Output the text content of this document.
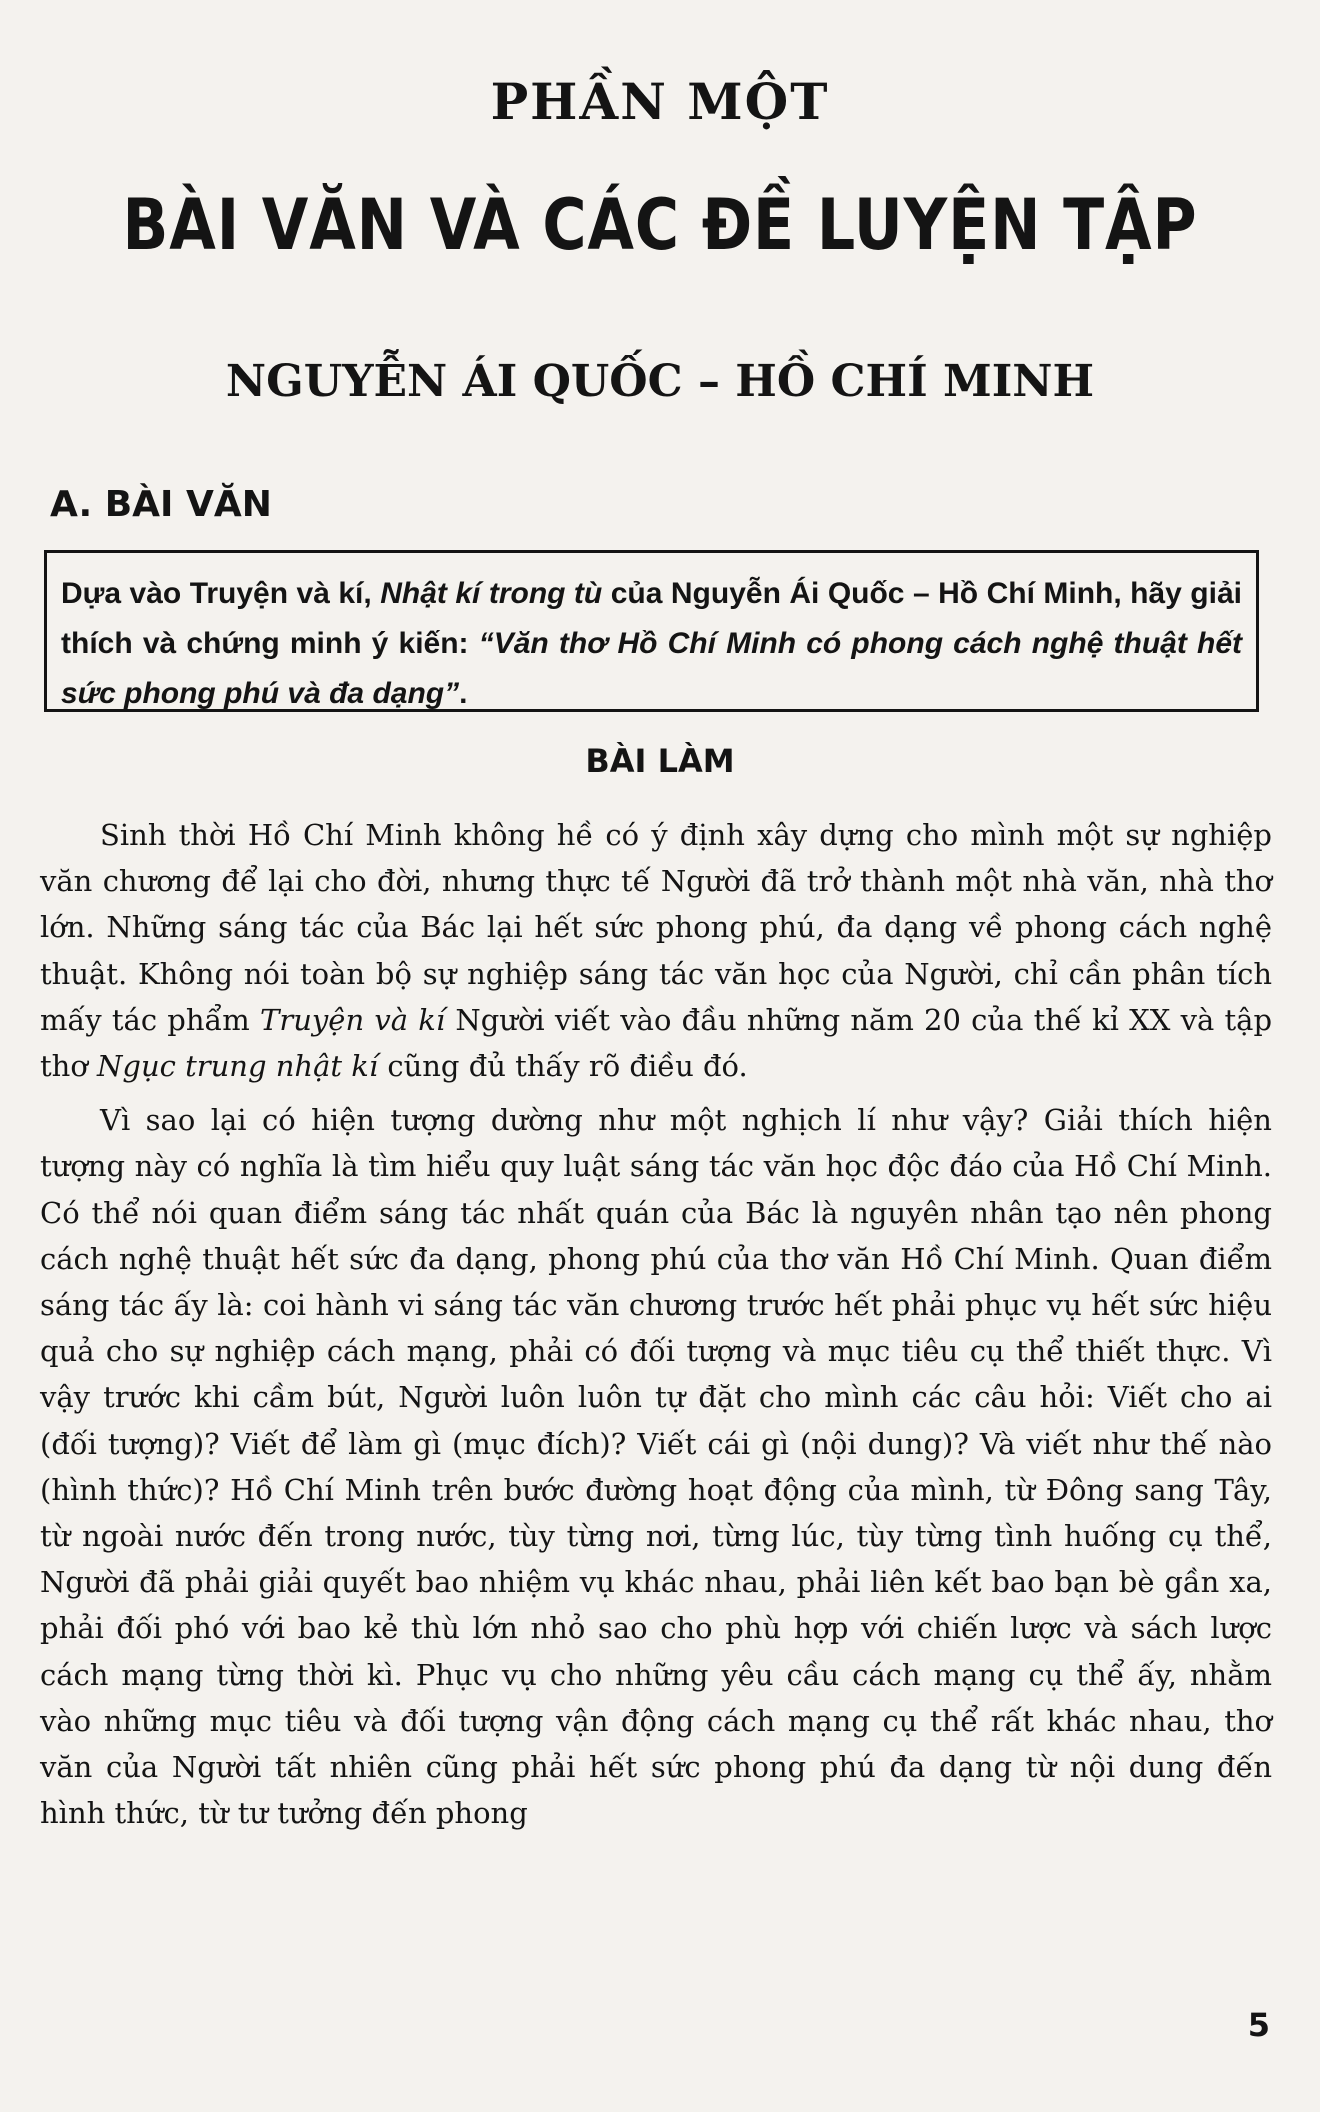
PHẦN MỘT
BÀI VĂN VÀ CÁC ĐỀ LUYỆN TẬP
NGUYỄN ÁI QUỐC – HỒ CHÍ MINH
A. BÀI VĂN
Dựa vào Truyện và kí, Nhật kí trong tù của Nguyễn Ái Quốc – Hồ Chí Minh, hãy giải thích và chứng minh ý kiến: “Văn thơ Hồ Chí Minh có phong cách nghệ thuật hết sức phong phú và đa dạng”.
BÀI LÀM

Sinh thời Hồ Chí Minh không hề có ý định xây dựng cho mình một sự nghiệp văn chương để lại cho đời, nhưng thực tế Người đã trở thành một nhà văn, nhà thơ lớn. Những sáng tác của Bác lại hết sức phong phú, đa dạng về phong cách nghệ thuật. Không nói toàn bộ sự nghiệp sáng tác văn học của Người, chỉ cần phân tích mấy tác phẩm Truyện và kí Người viết vào đầu những năm 20 của thế kỉ XX và tập thơ Ngục trung nhật kí cũng đủ thấy rõ điều đó.

Vì sao lại có hiện tượng dường như một nghịch lí như vậy? Giải thích hiện tượng này có nghĩa là tìm hiểu quy luật sáng tác văn học độc đáo của Hồ Chí Minh. Có thể nói quan điểm sáng tác nhất quán của Bác là nguyên nhân tạo nên phong cách nghệ thuật hết sức đa dạng, phong phú của thơ văn Hồ Chí Minh. Quan điểm sáng tác ấy là: coi hành vi sáng tác văn chương trước hết phải phục vụ hết sức hiệu quả cho sự nghiệp cách mạng, phải có đối tượng và mục tiêu cụ thể thiết thực. Vì vậy trước khi cầm bút, Người luôn luôn tự đặt cho mình các câu hỏi: Viết cho ai (đối tượng)? Viết để làm gì (mục đích)? Viết cái gì (nội dung)? Và viết như thế nào (hình thức)? Hồ Chí Minh trên bước đường hoạt động của mình, từ Đông sang Tây, từ ngoài nước đến trong nước, tùy từng nơi, từng lúc, tùy từng tình huống cụ thể, Người đã phải giải quyết bao nhiệm vụ khác nhau, phải liên kết bao bạn bè gần xa, phải đối phó với bao kẻ thù lớn nhỏ sao cho phù hợp với chiến lược và sách lược cách mạng từng thời kì. Phục vụ cho những yêu cầu cách mạng cụ thể ấy, nhằm vào những mục tiêu và đối tượng vận động cách mạng cụ thể rất khác nhau, thơ văn của Người tất nhiên cũng phải hết sức phong phú đa dạng từ nội dung đến hình thức, từ tư tưởng đến phong

5
